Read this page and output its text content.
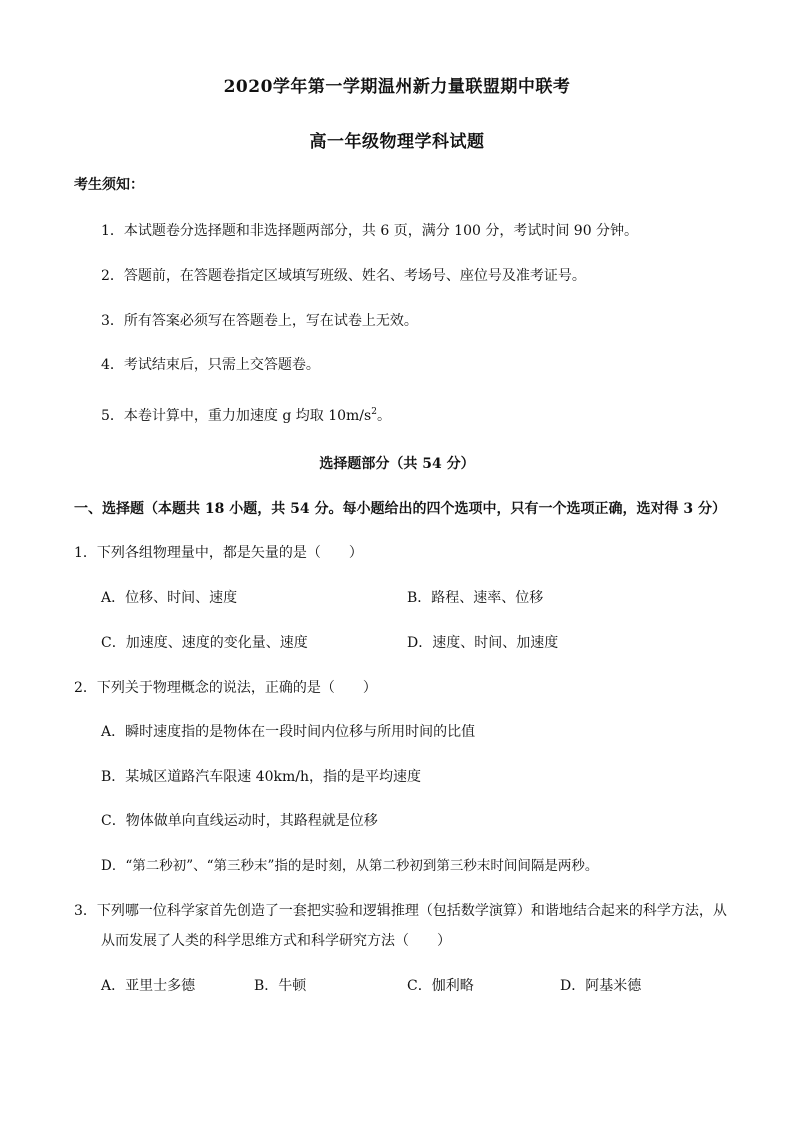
2020学年第一学期温州新力量联盟期中联考
高一年级物理学科试题
考生须知：
1．本试题卷分选择题和非选择题两部分，共 6 页，满分 100 分，考试时间 90 分钟。
2．答题前，在答题卷指定区域填写班级、姓名、考场号、座位号及准考证号。
3．所有答案必须写在答题卷上，写在试卷上无效。
4．考试结束后，只需上交答题卷。
5．本卷计算中，重力加速度 g 均取 $10m/s^2$。
选择题部分（共 54 分）
一、选择题（本题共 18 小题，共 54 分。每小题给出的四个选项中，只有一个选项正确，选对得 3 分）
1．下列各组物理量中，都是矢量的是（　　）
A．位移、时间、速度	B．路程、速率、位移
C．加速度、速度的变化量、速度	D．速度、时间、加速度
2．下列关于物理概念的说法，正确的是（　　）
A．瞬时速度指的是物体在一段时间内位移与所用时间的比值
B．某城区道路汽车限速 40km/h，指的是平均速度
C．物体做单向直线运动时，其路程就是位移
D．“第二秒初”、“第三秒末”指的是时刻，从第二秒初到第三秒末时间间隔是两秒。
3．下列哪一位科学家首先创造了一套把实验和逻辑推理（包括数学演算）和谐地结合起来的科学方法，从
从而发展了人类的科学思维方式和科学研究方法（　　）
A．亚里士多德	B．牛顿	C．伽利略	D．阿基米德
